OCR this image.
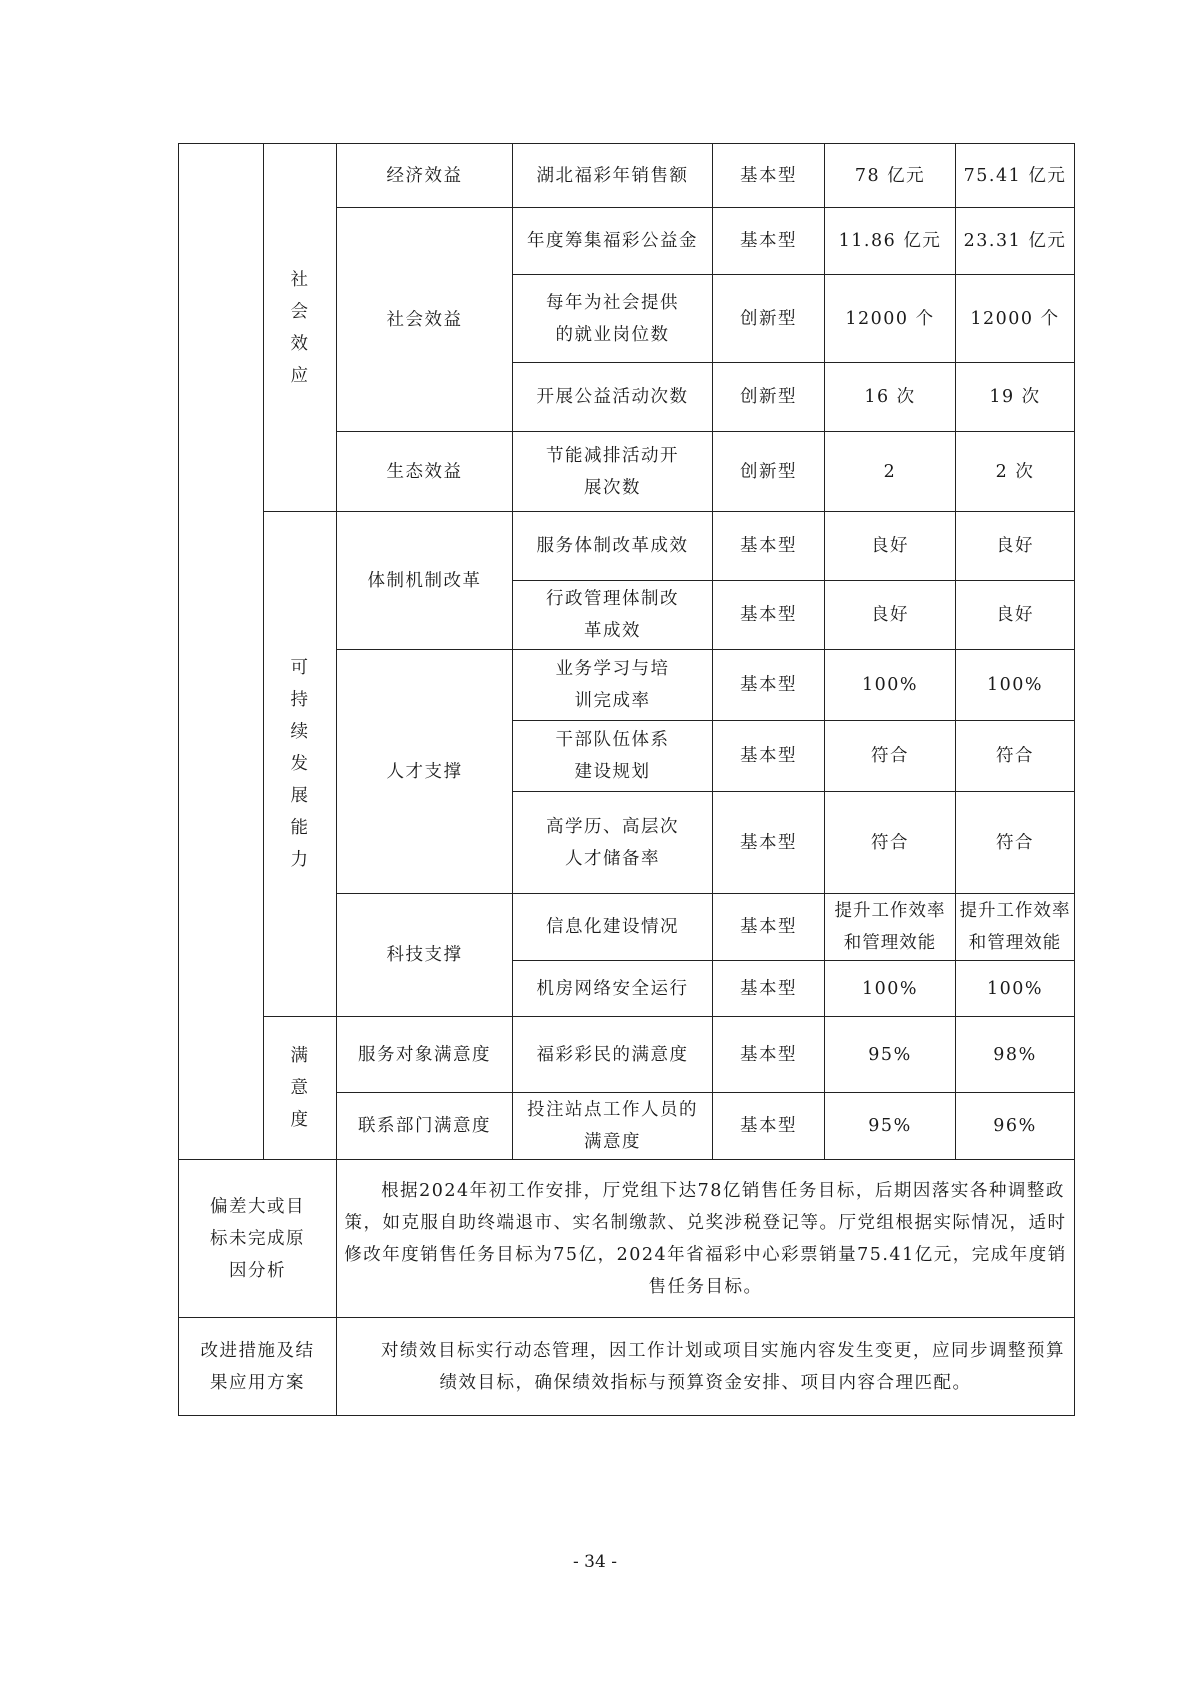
	社会效应	经济效益	湖北福彩年销售额	基本型	78 亿元	75.41 亿元
		社会效益	年度筹集福彩公益金	基本型	11.86 亿元	23.31 亿元
			每年为社会提供的就业岗位数	创新型	12000 个	12000 个
			开展公益活动次数	创新型	16 次	19 次
		生态效益	节能减排活动开展次数	创新型	2	2 次
	可持续发展能力	体制机制改革	服务体制改革成效	基本型	良好	良好
			行政管理体制改革成效	基本型	良好	良好
		人才支撑	业务学习与培训完成率	基本型	100%	100%
			干部队伍体系建设规划	基本型	符合	符合
			高学历、高层次人才储备率	基本型	符合	符合
		科技支撑	信息化建设情况	基本型	提升工作效率和管理效能	提升工作效率和管理效能
			机房网络安全运行	基本型	100%	100%
	满意度	服务对象满意度	福彩彩民的满意度	基本型	95%	98%
		联系部门满意度	投注站点工作人员的满意度	基本型	95%	96%
偏差大或目标未完成原因分析		根据2024年初工作安排，厅党组下达78亿销售任务目标，后期因落实各种调整政策，如克服自助终端退市、实名制缴款、兑奖涉税登记等。厅党组根据实际情况，适时修改年度销售任务目标为75亿，2024年省福彩中心彩票销量75.41亿元，完成年度销售任务目标。				
改进措施及结果应用方案		对绩效目标实行动态管理，因工作计划或项目实施内容发生变更，应同步调整预算绩效目标，确保绩效指标与预算资金安排、项目内容合理匹配。				
- 34 -
